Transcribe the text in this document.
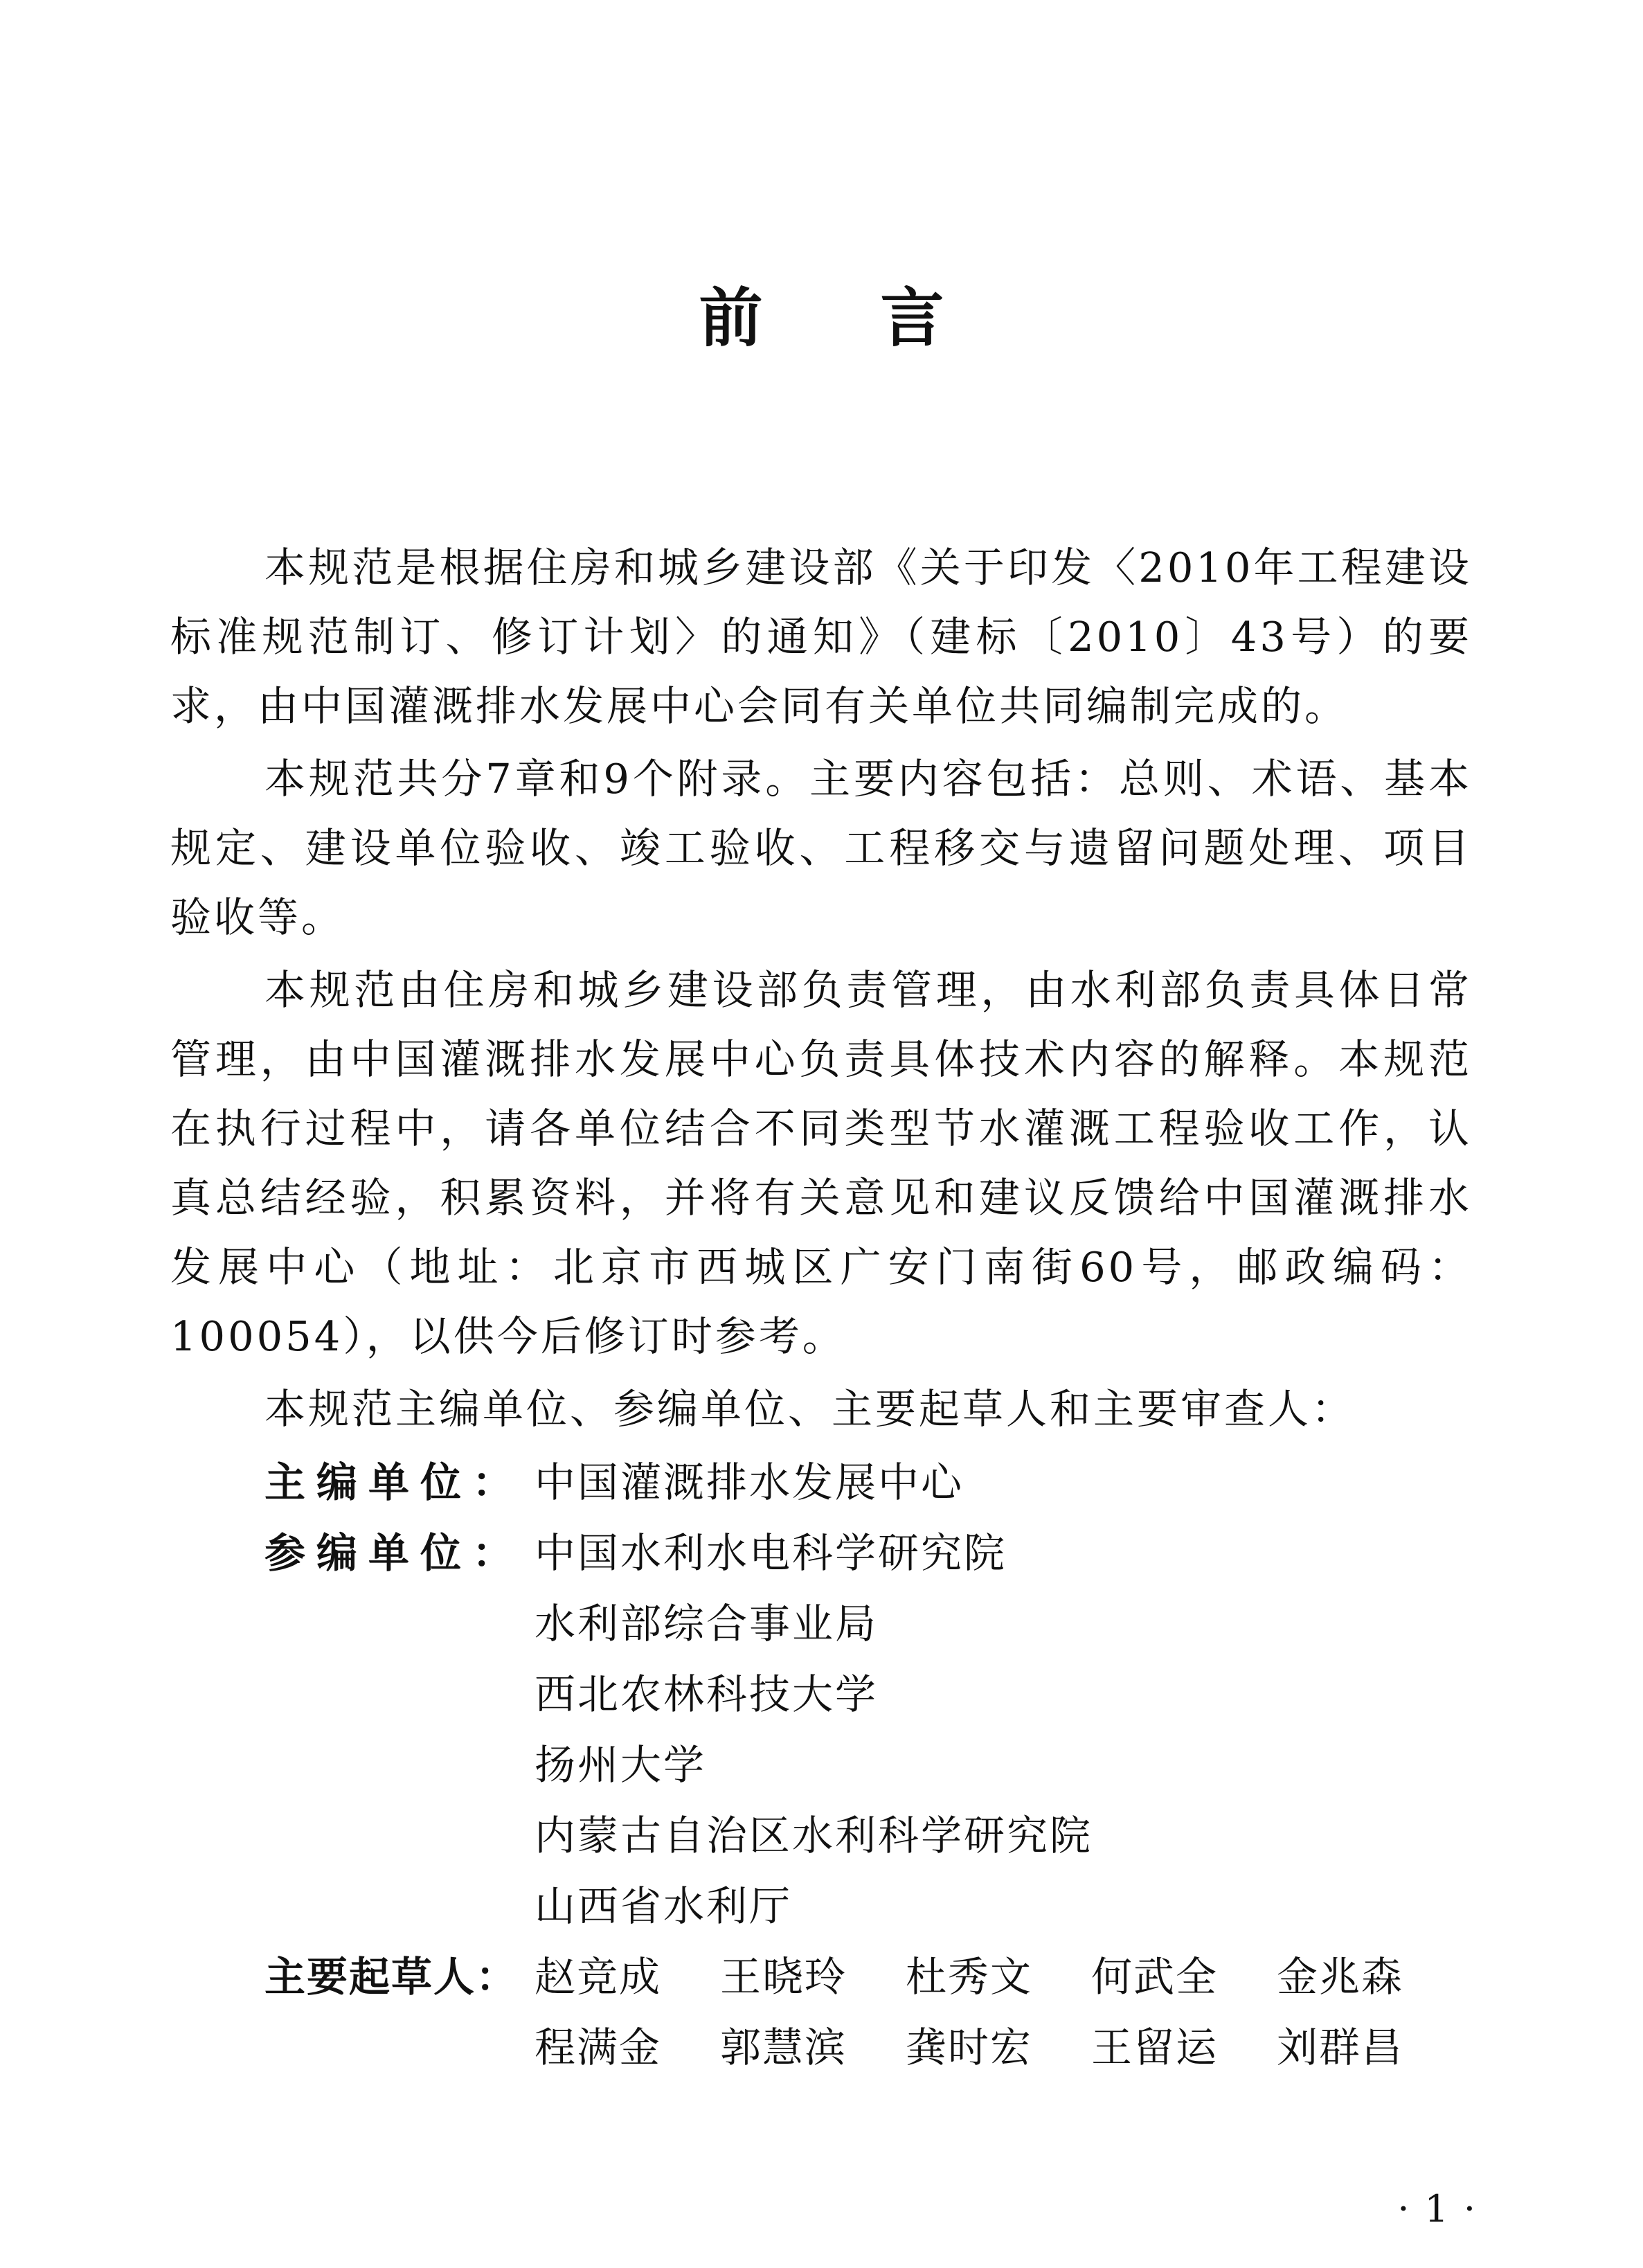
前言

本规范是根据住房和城乡建设部《关于印发〈2010年工程建设标准规范制订、修订计划〉的通知》（建标〔2010〕43号）的要求，由中国灌溉排水发展中心会同有关单位共同编制完成的。

本规范共分7章和9个附录。主要内容包括：总则、术语、基本规定、建设单位验收、竣工验收、工程移交与遗留问题处理、项目验收等。

本规范由住房和城乡建设部负责管理，由水利部负责具体日常管理，由中国灌溉排水发展中心负责具体技术内容的解释。本规范在执行过程中，请各单位结合不同类型节水灌溉工程验收工作，认真总结经验，积累资料，并将有关意见和建议反馈给中国灌溉排水发展中心（地址：北京市西城区广安门南街60号，邮政编码：100054），以供今后修订时参考。

本规范主编单位、参编单位、主要起草人和主要审查人：

主编单位： 中国灌溉排水发展中心
参编单位： 中国水利水电科学研究院
水利部综合事业局
西北农林科技大学
扬州大学
内蒙古自治区水利科学研究院
山西省水利厅
主要起草人： 赵竞成	王晓玲	杜秀文	何武全	金兆森
程满金	郭慧滨	龚时宏	王留运	刘群昌
·1·
